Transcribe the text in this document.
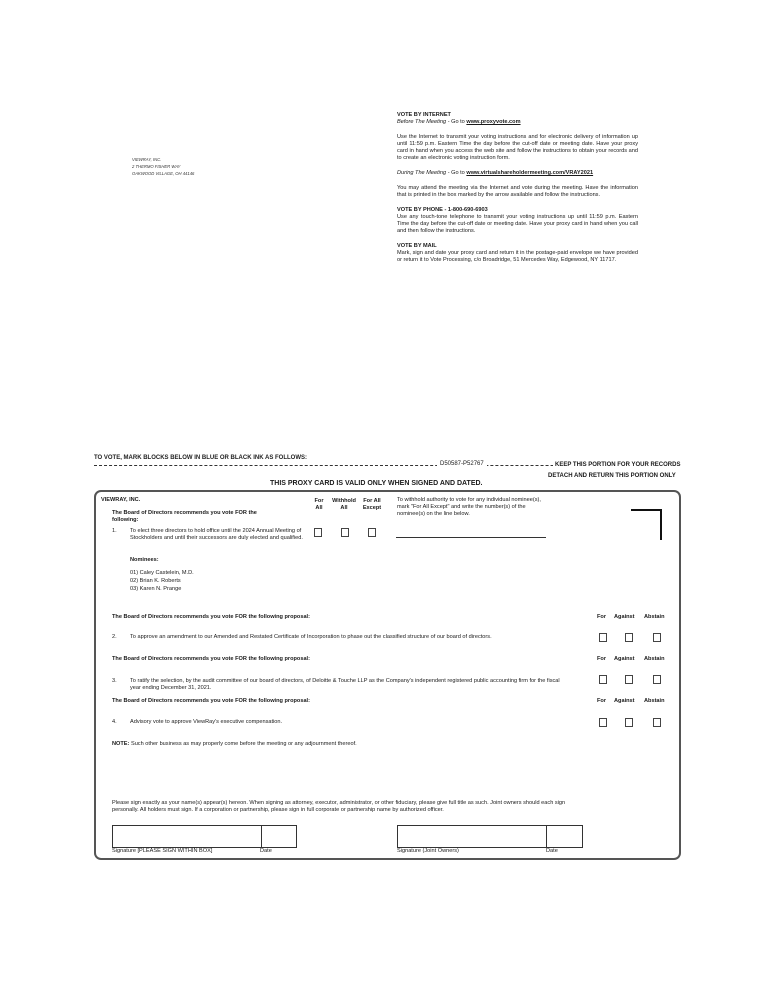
VIEWRAY, INC.
2 THERMO FISHER WAY
OAKWOOD VILLAGE, OH 44146

VOTE BY INTERNET

Before The Meeting - Go to www.proxyvote.com

Use the Internet to transmit your voting instructions and for electronic delivery of information up until 11:59 p.m. Eastern Time the day before the cut-off date or meeting date. Have your proxy card in hand when you access the web site and follow the instructions to obtain your records and to create an electronic voting instruction form.

During The Meeting - Go to www.virtualshareholdermeeting.com/VRAY2021

You may attend the meeting via the Internet and vote during the meeting. Have the information that is printed in the box marked by the arrow available and follow the instructions.

VOTE BY PHONE - 1-800-690-6903

Use any touch-tone telephone to transmit your voting instructions up until 11:59 p.m. Eastern Time the day before the cut-off date or meeting date. Have your proxy card in hand when you call and then follow the instructions.

VOTE BY MAIL

Mark, sign and date your proxy card and return it in the postage-paid envelope we have provided or return it to Vote Processing, c/o Broadridge, 51 Mercedes Way, Edgewood, NY 11717.

TO VOTE, MARK BLOCKS BELOW IN BLUE OR BLACK INK AS FOLLOWS:
D50587-P52767	KEEP THIS PORTION FOR YOUR RECORDS
DETACH AND RETURN THIS PORTION ONLY
THIS PROXY CARD IS VALID ONLY WHEN SIGNED AND DATED.
VIEWRAY, INC.
The Board of Directors recommends you vote FOR the following:
For All
Withhold All
For All Except
To withhold authority to vote for any individual nominee(s), mark "For All Except" and write the number(s) of the nominee(s) on the line below.
1. To elect three directors to hold office until the 2024 Annual Meeting of Stockholders and until their successors are duly elected and qualified.
Nominees:
01) Caley Castelein, M.D.
02) Brian K. Roberts
03) Karen N. Prange
The Board of Directors recommends you vote FOR the following proposal:	For Against Abstain
2. To approve an amendment to our Amended and Restated Certificate of Incorporation to phase out the classified structure of our board of directors.
The Board of Directors recommends you vote FOR the following proposal:	For Against Abstain
3. To ratify the selection, by the audit committee of our board of directors, of Deloitte & Touche LLP as the Company's independent registered public accounting firm for the fiscal year ending December 31, 2021.
The Board of Directors recommends you vote FOR the following proposal:	For Against Abstain
4. Advisory vote to approve ViewRay's executive compensation.
NOTE: Such other business as may properly come before the meeting or any adjournment thereof.
Please sign exactly as your name(s) appear(s) hereon. When signing as attorney, executor, administrator, or other fiduciary, please give full title as such. Joint owners should each sign personally. All holders must sign. If a corporation or partnership, please sign in full corporate or partnership name by authorized officer.
Signature [PLEASE SIGN WITHIN BOX]	Date	Signature (Joint Owners)	Date
